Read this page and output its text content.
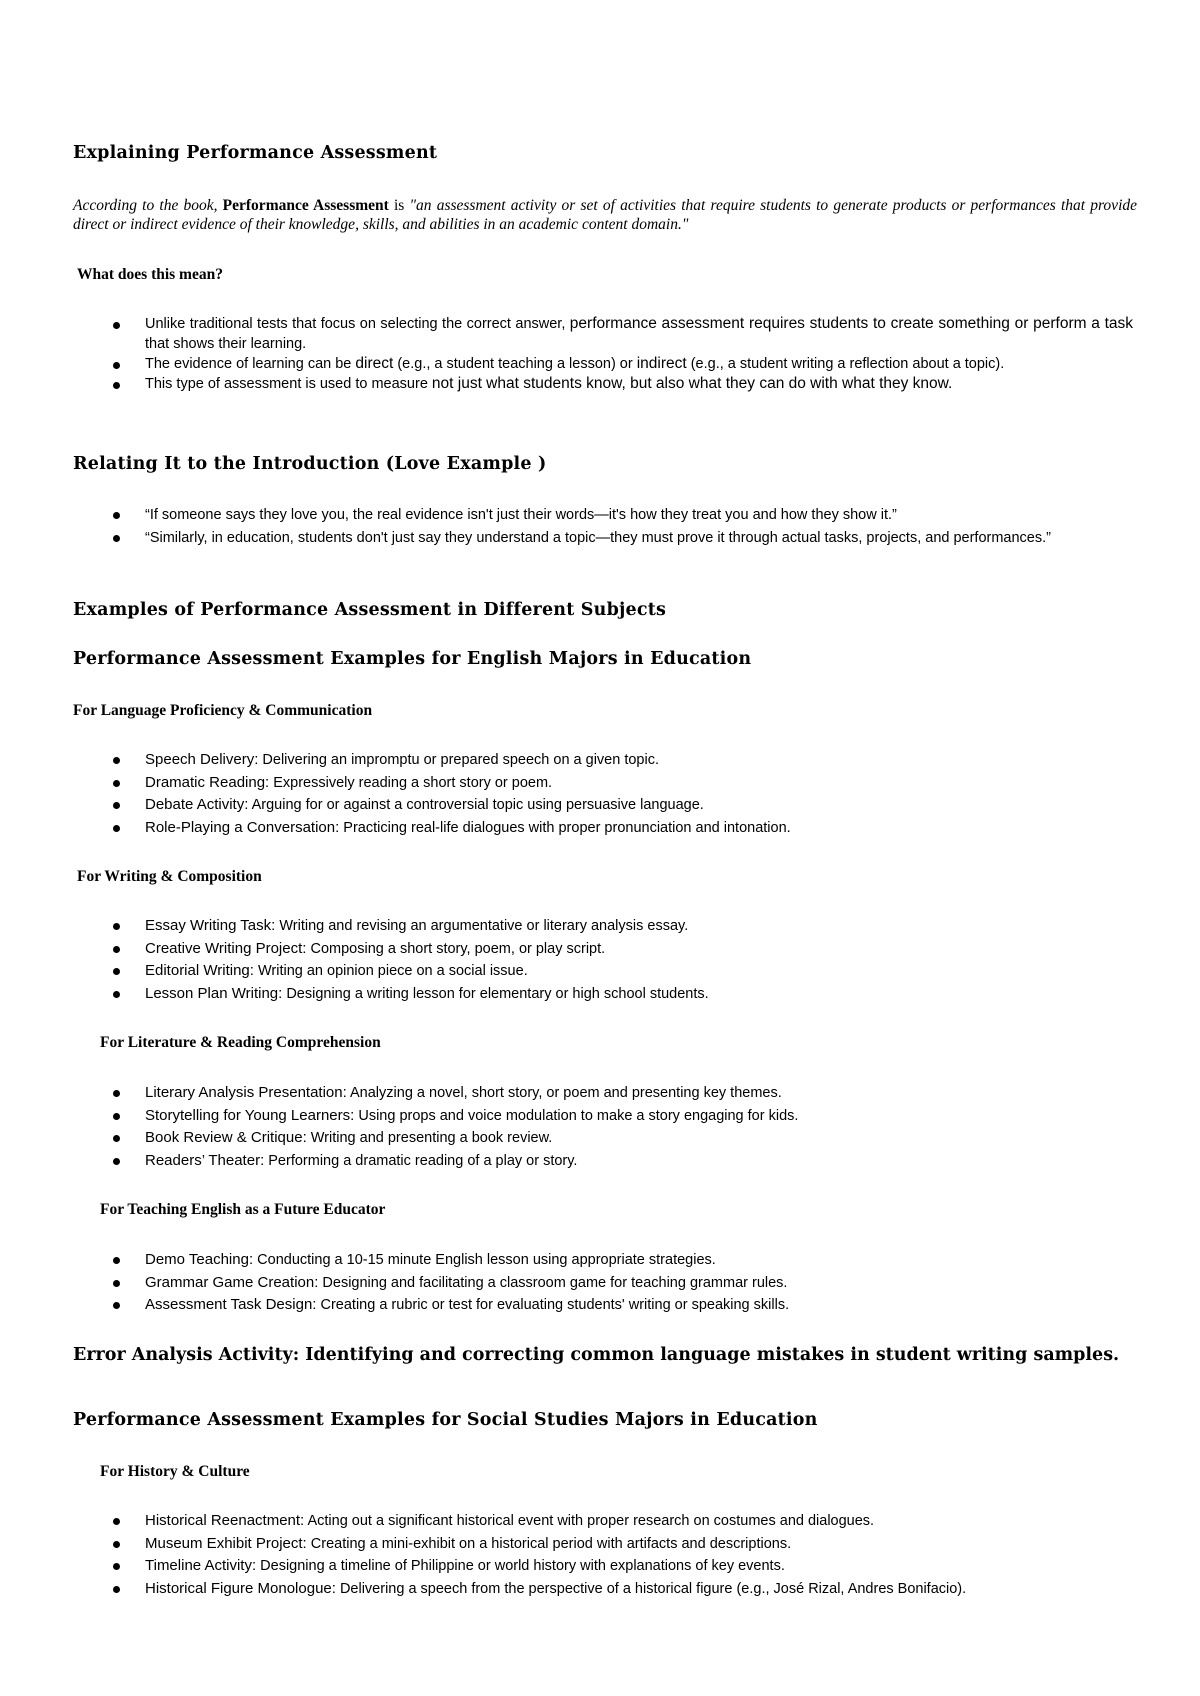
Explaining Performance Assessment

According to the book, Performance Assessment is "an assessment activity or set of activities that require students to generate products or performances that provide direct or indirect evidence of their knowledge, skills, and abilities in an academic content domain."

What does this mean?
Unlike traditional tests that focus on selecting the correct answer, performance assessment requires students to create something or perform a task that shows their learning.
The evidence of learning can be direct (e.g., a student teaching a lesson) or indirect (e.g., a student writing a reflection about a topic).
This type of assessment is used to measure not just what students know, but also what they can do with what they know.
Relating It to the Introduction (Love Example )
“If someone says they love you, the real evidence isn't just their words—it's how they treat you and how they show it.”
“Similarly, in education, students don't just say they understand a topic—they must prove it through actual tasks, projects, and performances.”
Examples of Performance Assessment in Different Subjects
Performance Assessment Examples for English Majors in Education
For Language Proficiency & Communication
Speech Delivery: Delivering an impromptu or prepared speech on a given topic.
Dramatic Reading: Expressively reading a short story or poem.
Debate Activity: Arguing for or against a controversial topic using persuasive language.
Role-Playing a Conversation: Practicing real-life dialogues with proper pronunciation and intonation.
For Writing & Composition
Essay Writing Task: Writing and revising an argumentative or literary analysis essay.
Creative Writing Project: Composing a short story, poem, or play script.
Editorial Writing: Writing an opinion piece on a social issue.
Lesson Plan Writing: Designing a writing lesson for elementary or high school students.
For Literature & Reading Comprehension
Literary Analysis Presentation: Analyzing a novel, short story, or poem and presenting key themes.
Storytelling for Young Learners: Using props and voice modulation to make a story engaging for kids.
Book Review & Critique: Writing and presenting a book review.
Readers’ Theater: Performing a dramatic reading of a play or story.
For Teaching English as a Future Educator
Demo Teaching: Conducting a 10-15 minute English lesson using appropriate strategies.
Grammar Game Creation: Designing and facilitating a classroom game for teaching grammar rules.
Assessment Task Design: Creating a rubric or test for evaluating students' writing or speaking skills.

Error Analysis Activity: Identifying and correcting common language mistakes in student writing samples.

Performance Assessment Examples for Social Studies Majors in Education
For History & Culture
Historical Reenactment: Acting out a significant historical event with proper research on costumes and dialogues.
Museum Exhibit Project: Creating a mini-exhibit on a historical period with artifacts and descriptions.
Timeline Activity: Designing a timeline of Philippine or world history with explanations of key events.
Historical Figure Monologue: Delivering a speech from the perspective of a historical figure (e.g., José Rizal, Andres Bonifacio).
